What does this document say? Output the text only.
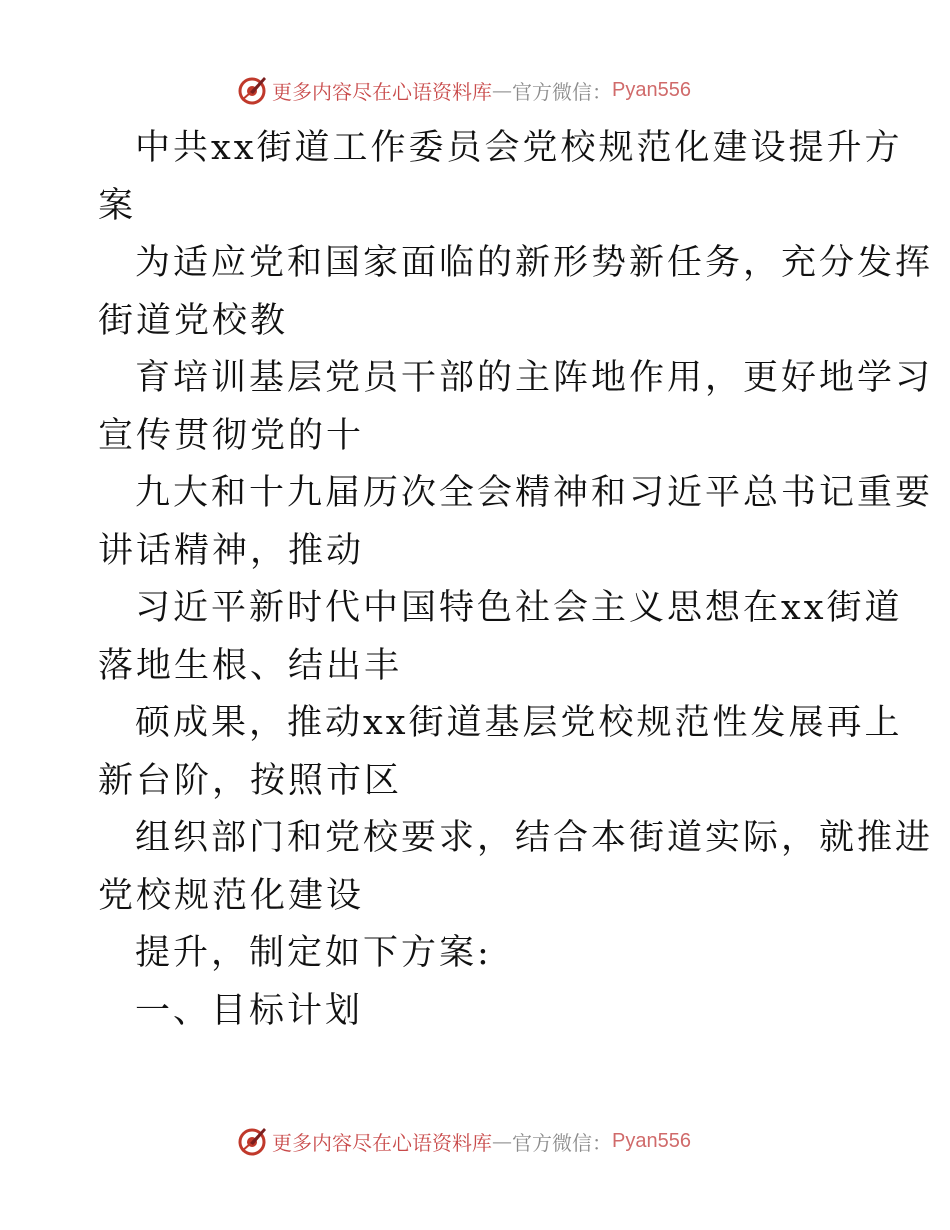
更多内容尽在心语资料库 — 官方微信： Pyan556
中共xx街道工作委员会党校规范化建设提升方
案
为适应党和国家面临的新形势新任务，充分发挥
街道党校教
育培训基层党员干部的主阵地作用，更好地学习
宣传贯彻党的十
九大和十九届历次全会精神和习近平总书记重要
讲话精神，推动
习近平新时代中国特色社会主义思想在xx街道
落地生根、结出丰
硕成果，推动xx街道基层党校规范性发展再上
新台阶，按照市区
组织部门和党校要求，结合本街道实际，就推进
党校规范化建设
提升，制定如下方案:
一、目标计划
更多内容尽在心语资料库 — 官方微信： Pyan556
